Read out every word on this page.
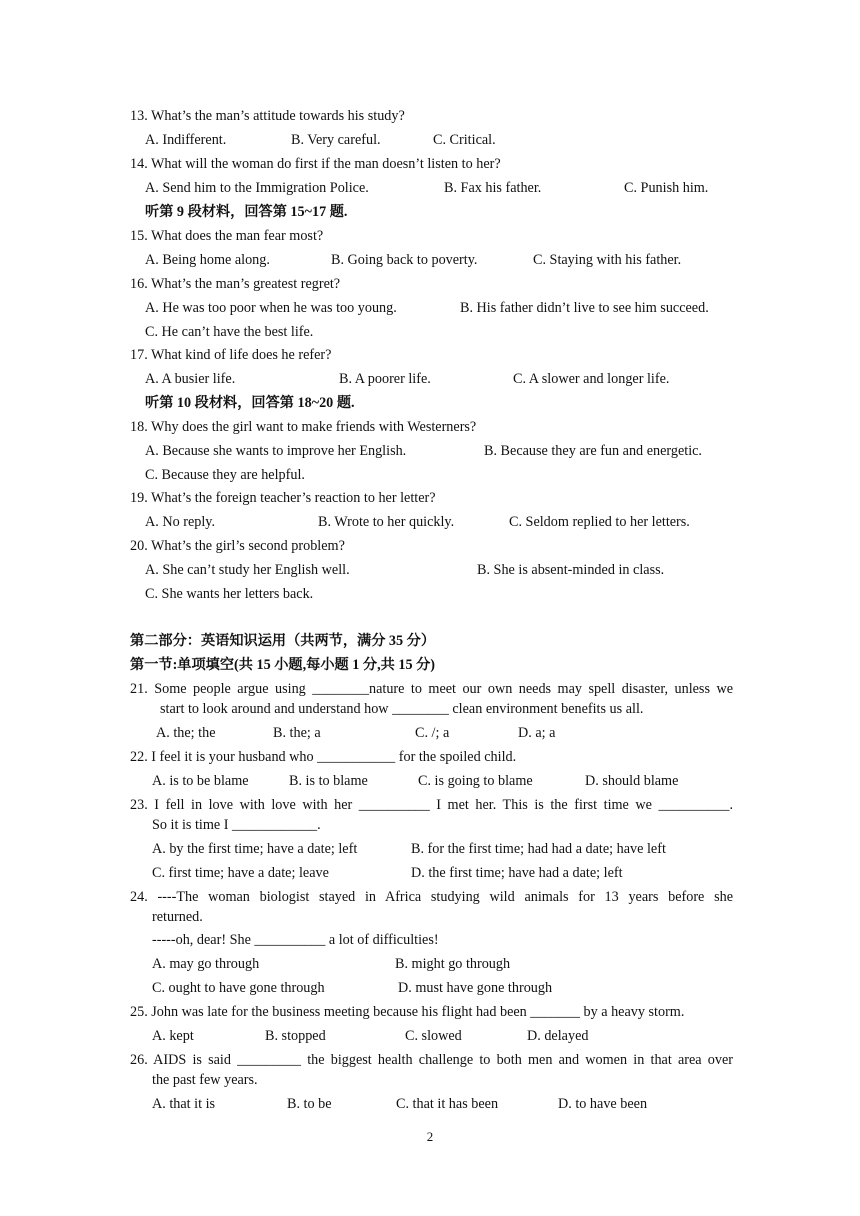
13. What’s the man’s attitude towards his study?
A. Indifferent.	B. Very careful.	C. Critical.
14. What will the woman do first if the man doesn’t listen to her?
A. Send him to the Immigration Police.	B. Fax his father.	C. Punish him.
听第 9 段材料，回答第 15~17 题.
15. What does the man fear most?
A. Being home along.	B. Going back to poverty.	C. Staying with his father.
16. What’s the man’s greatest regret?
A. He was too poor when he was too young.	B. His father didn’t live to see him succeed.
C. He can’t have the best life.
17. What kind of life does he refer?
A. A busier life.	B. A poorer life.	C. A slower and longer life.
听第 10 段材料，回答第 18~20 题.
18. Why does the girl want to make friends with Westerners?
A. Because she wants to improve her English.	B. Because they are fun and energetic.
C. Because they are helpful.
19. What’s the foreign teacher’s reaction to her letter?
A. No reply.	B. Wrote to her quickly.	C. Seldom replied to her letters.
20. What’s the girl’s second problem?
A. She can’t study her English well.	B. She is absent-minded in class.
C. She wants her letters back.
第二部分：英语知识运用（共两节，满分 35 分）
第一节:单项填空(共 15 小题,每小题 1 分,共 15 分)
21. Some people argue using ________nature to meet our own needs may spell disaster, unless we
start to look around and understand how ________ clean environment benefits us all.
A. the; the	B. the; a	C. /; a	D. a; a
22. I feel it is your husband who ___________ for the spoiled child.
A. is to be blame	B. is to blame	C. is going to blame	D. should blame
23. I fell in love with love with her __________ I met her. This is the first time we __________.
So it is time I ____________.
A. by the first time; have a date; left	B. for the first time; had had a date; have left
C. first time; have a date; leave	D. the first time; have had a date; left
24. ----The woman biologist stayed in Africa studying wild animals for 13 years before she
returned.
-----oh, dear! She __________ a lot of difficulties!
A. may go through	B. might go through
C. ought to have gone through	D. must have gone through
25. John was late for the business meeting because his flight had been _______ by a heavy storm.
A. kept	B. stopped	C. slowed	D. delayed
26. AIDS is said _________ the biggest health challenge to both men and women in that area over
the past few years.
A. that it is	B. to be	C. that it has been	D. to have been
2
